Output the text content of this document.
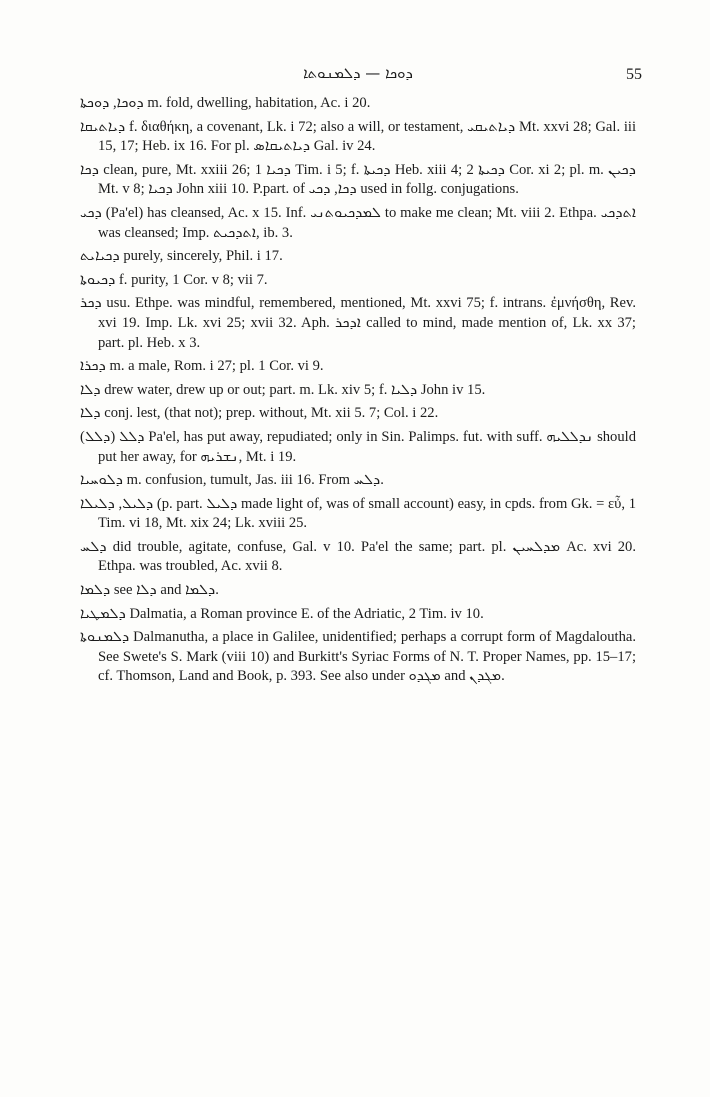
ܕܘܟܐ — ܕܠܡܢܘܬܐ	55

ܕܘܟܐ, ܕܘܟܬܐ m. fold, dwelling, habitation, Ac. i 20.

ܕܝܐܬܝܩܐ f. διαθήκη, a covenant, Lk. i 72; also a will, or testament, ܕܝܐܬܝܩܝ Mt. xxvi 28; Gal. iii 15, 17; Heb. ix 16. For pl. ܕܝܐܬܝܩܐܣ Gal. iv 24.

ܕܟܐ clean, pure, Mt. xxiii 26; ܕܟܝܐ 1 Tim. i 5; f. ܕܟܝܬܐ Heb. xiii 4; ܕܟܝܬܐ 2 Cor. xi 2; pl. m. ܕܟܝܢ Mt. v 8; ܕܟܝܐ John xiii 10. P.part. of ܕܟܐ, ܕܟܝ used in follg. conjugations.

ܕܟܝ (Pa'el) has cleansed, Ac. x 15. Inf. ܠܡܕܟܝܘܬܢܝ to make me clean; Mt. viii 2. Ethpa. ܐܬܕܟܝ was cleansed; Imp. ܐܬܕܟܝܬ, ib. 3.

ܕܟܝܐܝܬ purely, sincerely, Phil. i 17.

ܕܟܝܘܬܐ f. purity, 1 Cor. v 8; vii 7.

ܕܟܪ usu. Ethpe. was mindful, remembered, mentioned, Mt. xxvi 75; f. intrans. ἐμνήσθη, Rev. xvi 19. Imp. Lk. xvi 25; xvii 32. Aph. ܐܕܟܪ called to mind, made mention of, Lk. xx 37; part. pl. Heb. x 3.

ܕܟܪܐ m. a male, Rom. i 27; pl. 1 Cor. vi 9.

ܕܠܐ drew water, drew up or out; part. m. Lk. xiv 5; f. ܕܠܝܐ John iv 15.

ܕܠܐ conj. lest, (that not); prep. without, Mt. xii 5. 7; Col. i 22.

(ܕܠܠ) ܕܠܠ Pa'el, has put away, repudiated; only in Sin. Palimps. fut. with suff. ܢܕܠܠܝܗ should put her away, for ܢܫܪܝܗ, Mt. i 19.

ܕܠܘܚܝܐ m. confusion, tumult, Jas. iii 16. From ܕܠܚ.

ܕܠܝܠ, ܕܠܝܠܐ (p. part. ܕܠܝܠ made light of, was of small account) easy, in cpds. from Gk. = εὖ, 1 Tim. vi 18, Mt. xix 24; Lk. xviii 25.

ܕܠܚ did trouble, agitate, confuse, Gal. v 10. Pa'el the same; part. pl. ܡܕܠܚܝܢ Ac. xvi 20. Ethpa. was troubled, Ac. xvii 8.

ܕܠܡܐ see ܕܠܐ and ܕܠܡܐ.

ܕܠܡܛܝܐ Dalmatia, a Roman province E. of the Adriatic, 2 Tim. iv 10.

ܕܠܡܢܘܬܐ Dalmanutha, a place in Galilee, unidentified; perhaps a corrupt form of Magdaloutha. See Swete's S. Mark (viii 10) and Burkitt's Syriac Forms of N. T. Proper Names, pp. 15–17; cf. Thomson, Land and Book, p. 393. See also under ܡܓܕܘ and ܡܓܕܢ.
